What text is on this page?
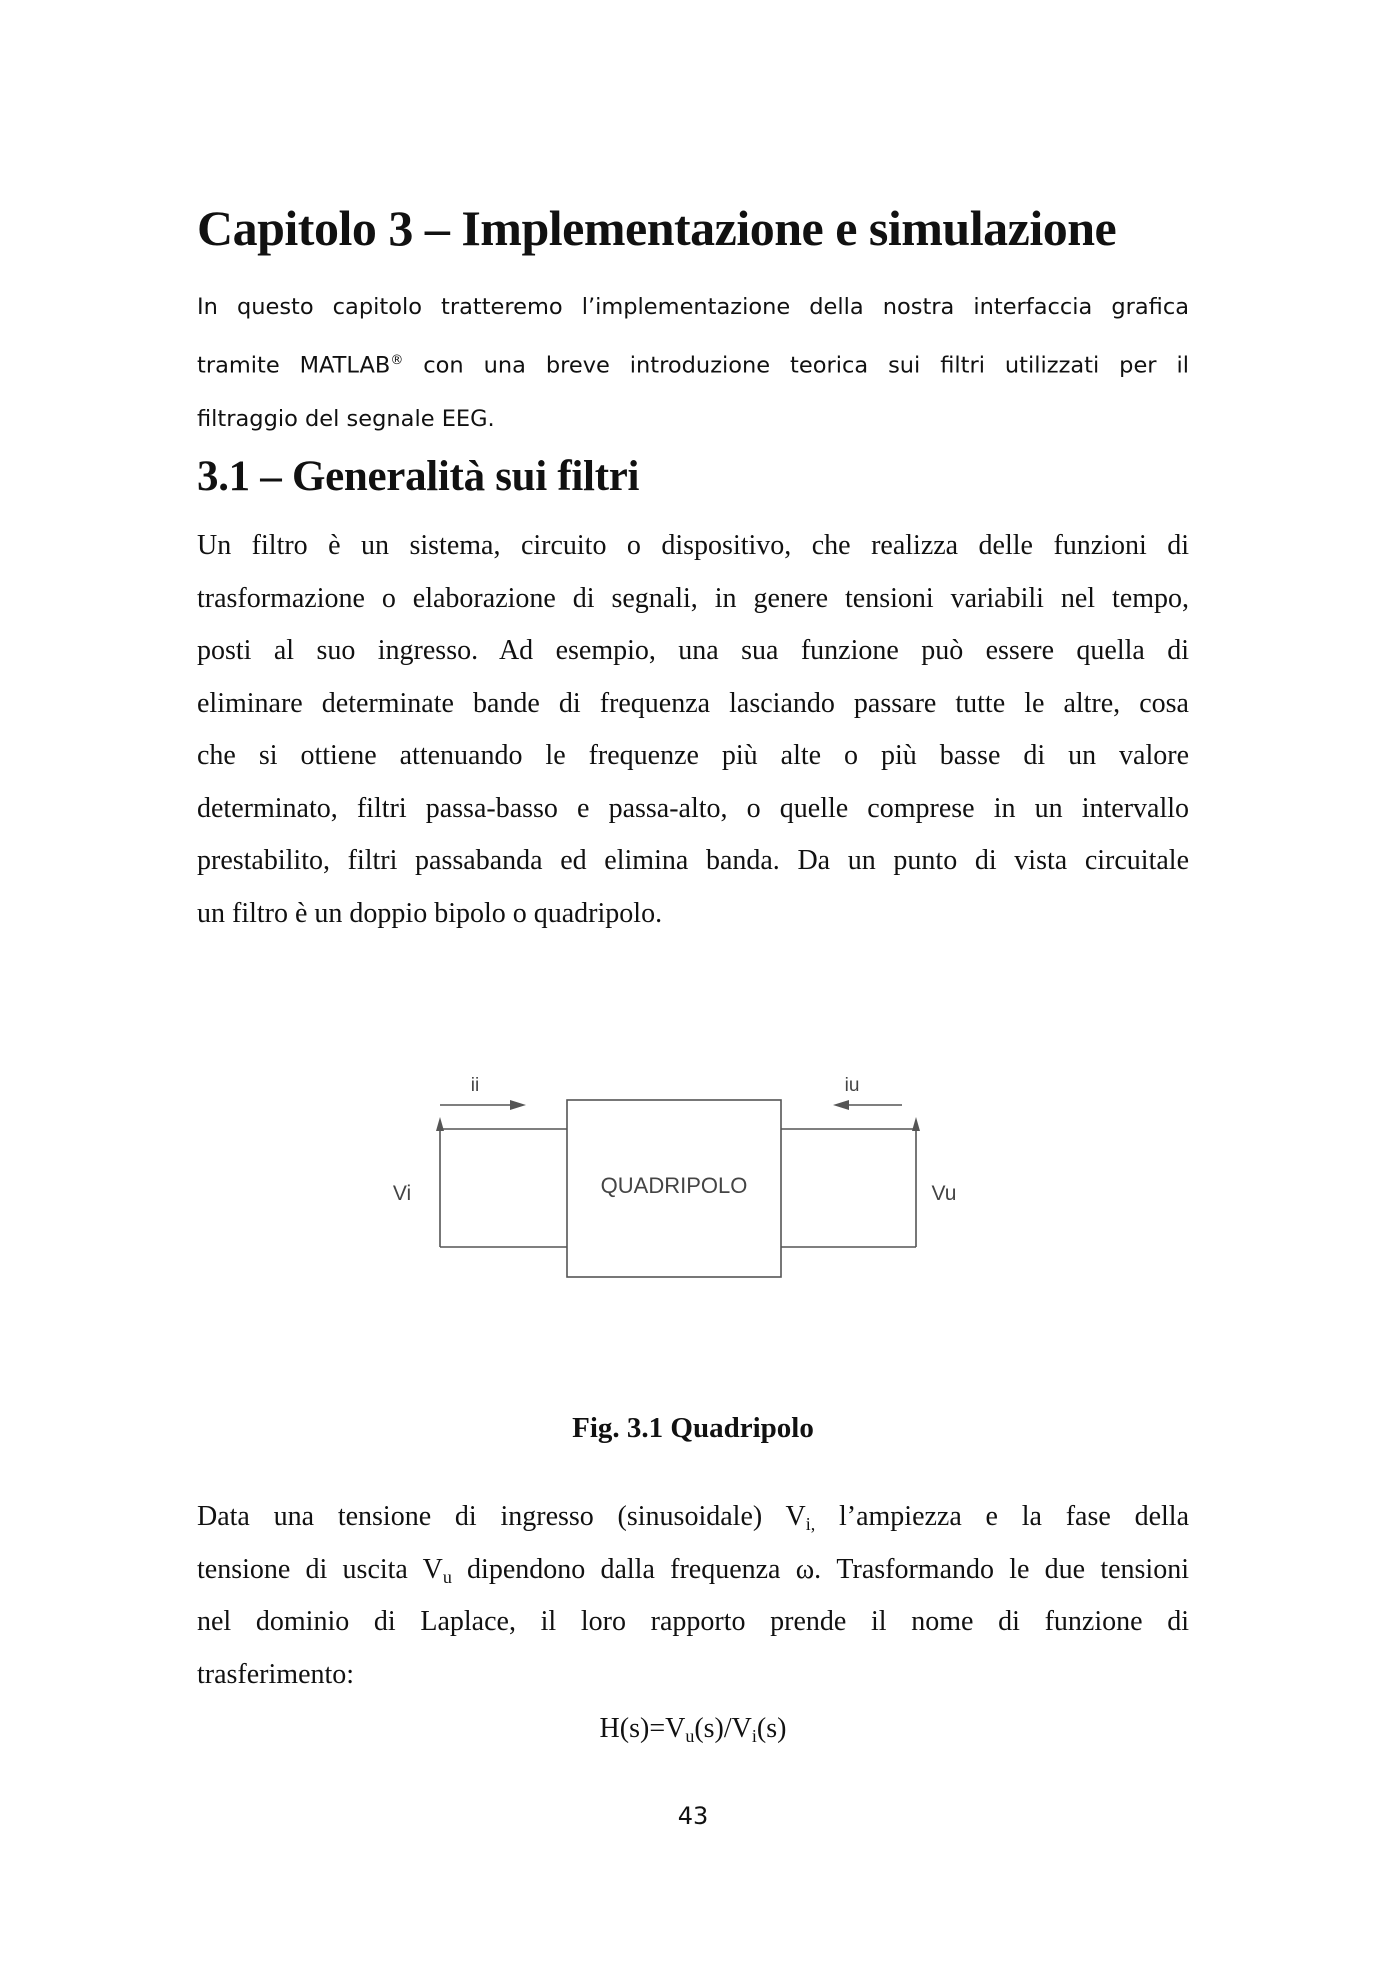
Capitolo 3 – Implementazione e simulazione

In questo capitolo tratteremo l’implementazione della nostra interfaccia grafica
tramite MATLAB® con una breve introduzione teorica sui filtri utilizzati per il
filtraggio del segnale EEG.

3.1 – Generalità sui filtri

Un filtro è un sistema, circuito o dispositivo, che realizza delle funzioni di
trasformazione o elaborazione di segnali, in genere tensioni variabili nel tempo,
posti al suo ingresso. Ad esempio, una sua funzione può essere quella di
eliminare determinate bande di frequenza lasciando passare tutte le altre, cosa
che si ottiene attenuando le frequenze più alte o più basse di un valore
determinato, filtri passa-basso e passa-alto, o quelle comprese in un intervallo
prestabilito, filtri passabanda ed elimina banda. Da un punto di vista circuitale
un filtro è un doppio bipolo o quadripolo.

QUADRIPOLO
ii	iu
Vi	Vu

Fig. 3.1 Quadripolo

Data una tensione di ingresso (sinusoidale) $V_{i,}$ l’ampiezza e la fase della
tensione di uscita $V_u$ dipendono dalla frequenza ω. Trasformando le due tensioni
nel dominio di Laplace, il loro rapporto prende il nome di funzione di
trasferimento:

$H(s)=V_u(s)/V_i(s)$

43
